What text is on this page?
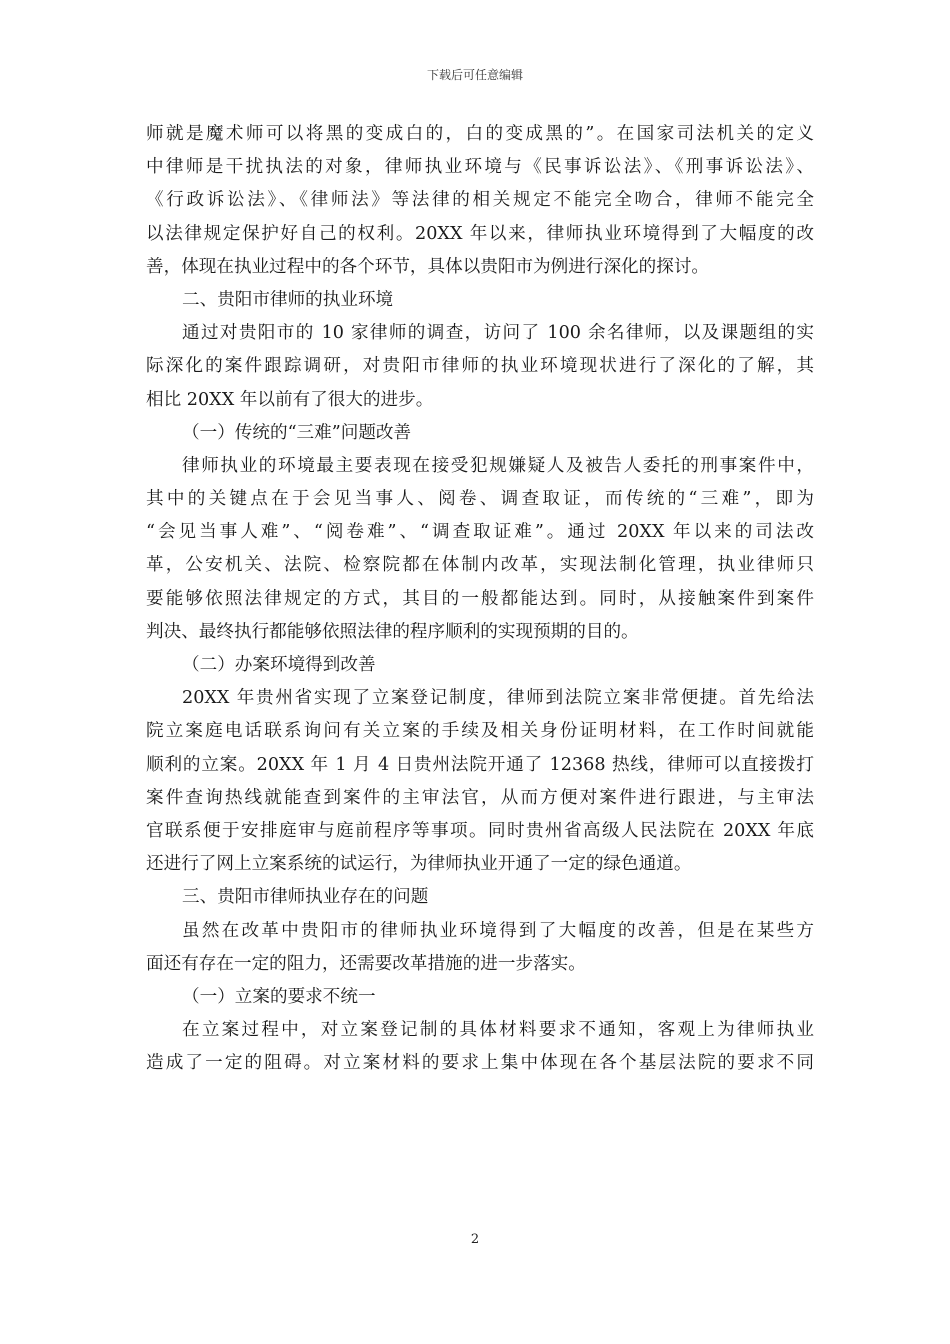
下载后可任意编辑
师就是魔术师可以将黑的变成白的，白的变成黑的”。在国家司法机关的定义
中律师是干扰执法的对象，律师执业环境与《民事诉讼法》、《刑事诉讼法》、
《行政诉讼法》、《律师法》等法律的相关规定不能完全吻合，律师不能完全
以法律规定保护好自己的权利。20XX 年以来，律师执业环境得到了大幅度的改
善，体现在执业过程中的各个环节，具体以贵阳市为例进行深化的探讨。
二、贵阳市律师的执业环境
通过对贵阳市的 10 家律师的调查，访问了 100 余名律师，以及课题组的实
际深化的案件跟踪调研，对贵阳市律师的执业环境现状进行了深化的了解，其
相比 20XX 年以前有了很大的进步。
（一）传统的“三难”问题改善
律师执业的环境最主要表现在接受犯规嫌疑人及被告人委托的刑事案件中，
其中的关键点在于会见当事人、阅卷、调查取证，而传统的“三难”，即为
“会见当事人难”、“阅卷难”、“调查取证难”。通过 20XX 年以来的司法改
革，公安机关、法院、检察院都在体制内改革，实现法制化管理，执业律师只
要能够依照法律规定的方式，其目的一般都能达到。同时，从接触案件到案件
判决、最终执行都能够依照法律的程序顺利的实现预期的目的。
（二）办案环境得到改善
20XX 年贵州省实现了立案登记制度，律师到法院立案非常便捷。首先给法
院立案庭电话联系询问有关立案的手续及相关身份证明材料，在工作时间就能
顺利的立案。20XX 年 1 月 4 日贵州法院开通了 12368 热线，律师可以直接拨打
案件查询热线就能查到案件的主审法官，从而方便对案件进行跟进，与主审法
官联系便于安排庭审与庭前程序等事项。同时贵州省高级人民法院在 20XX 年底
还进行了网上立案系统的试运行，为律师执业开通了一定的绿色通道。
三、贵阳市律师执业存在的问题
虽然在改革中贵阳市的律师执业环境得到了大幅度的改善，但是在某些方
面还有存在一定的阻力，还需要改革措施的进一步落实。
（一）立案的要求不统一
在立案过程中，对立案登记制的具体材料要求不通知，客观上为律师执业
造成了一定的阻碍。对立案材料的要求上集中体现在各个基层法院的要求不同
2
